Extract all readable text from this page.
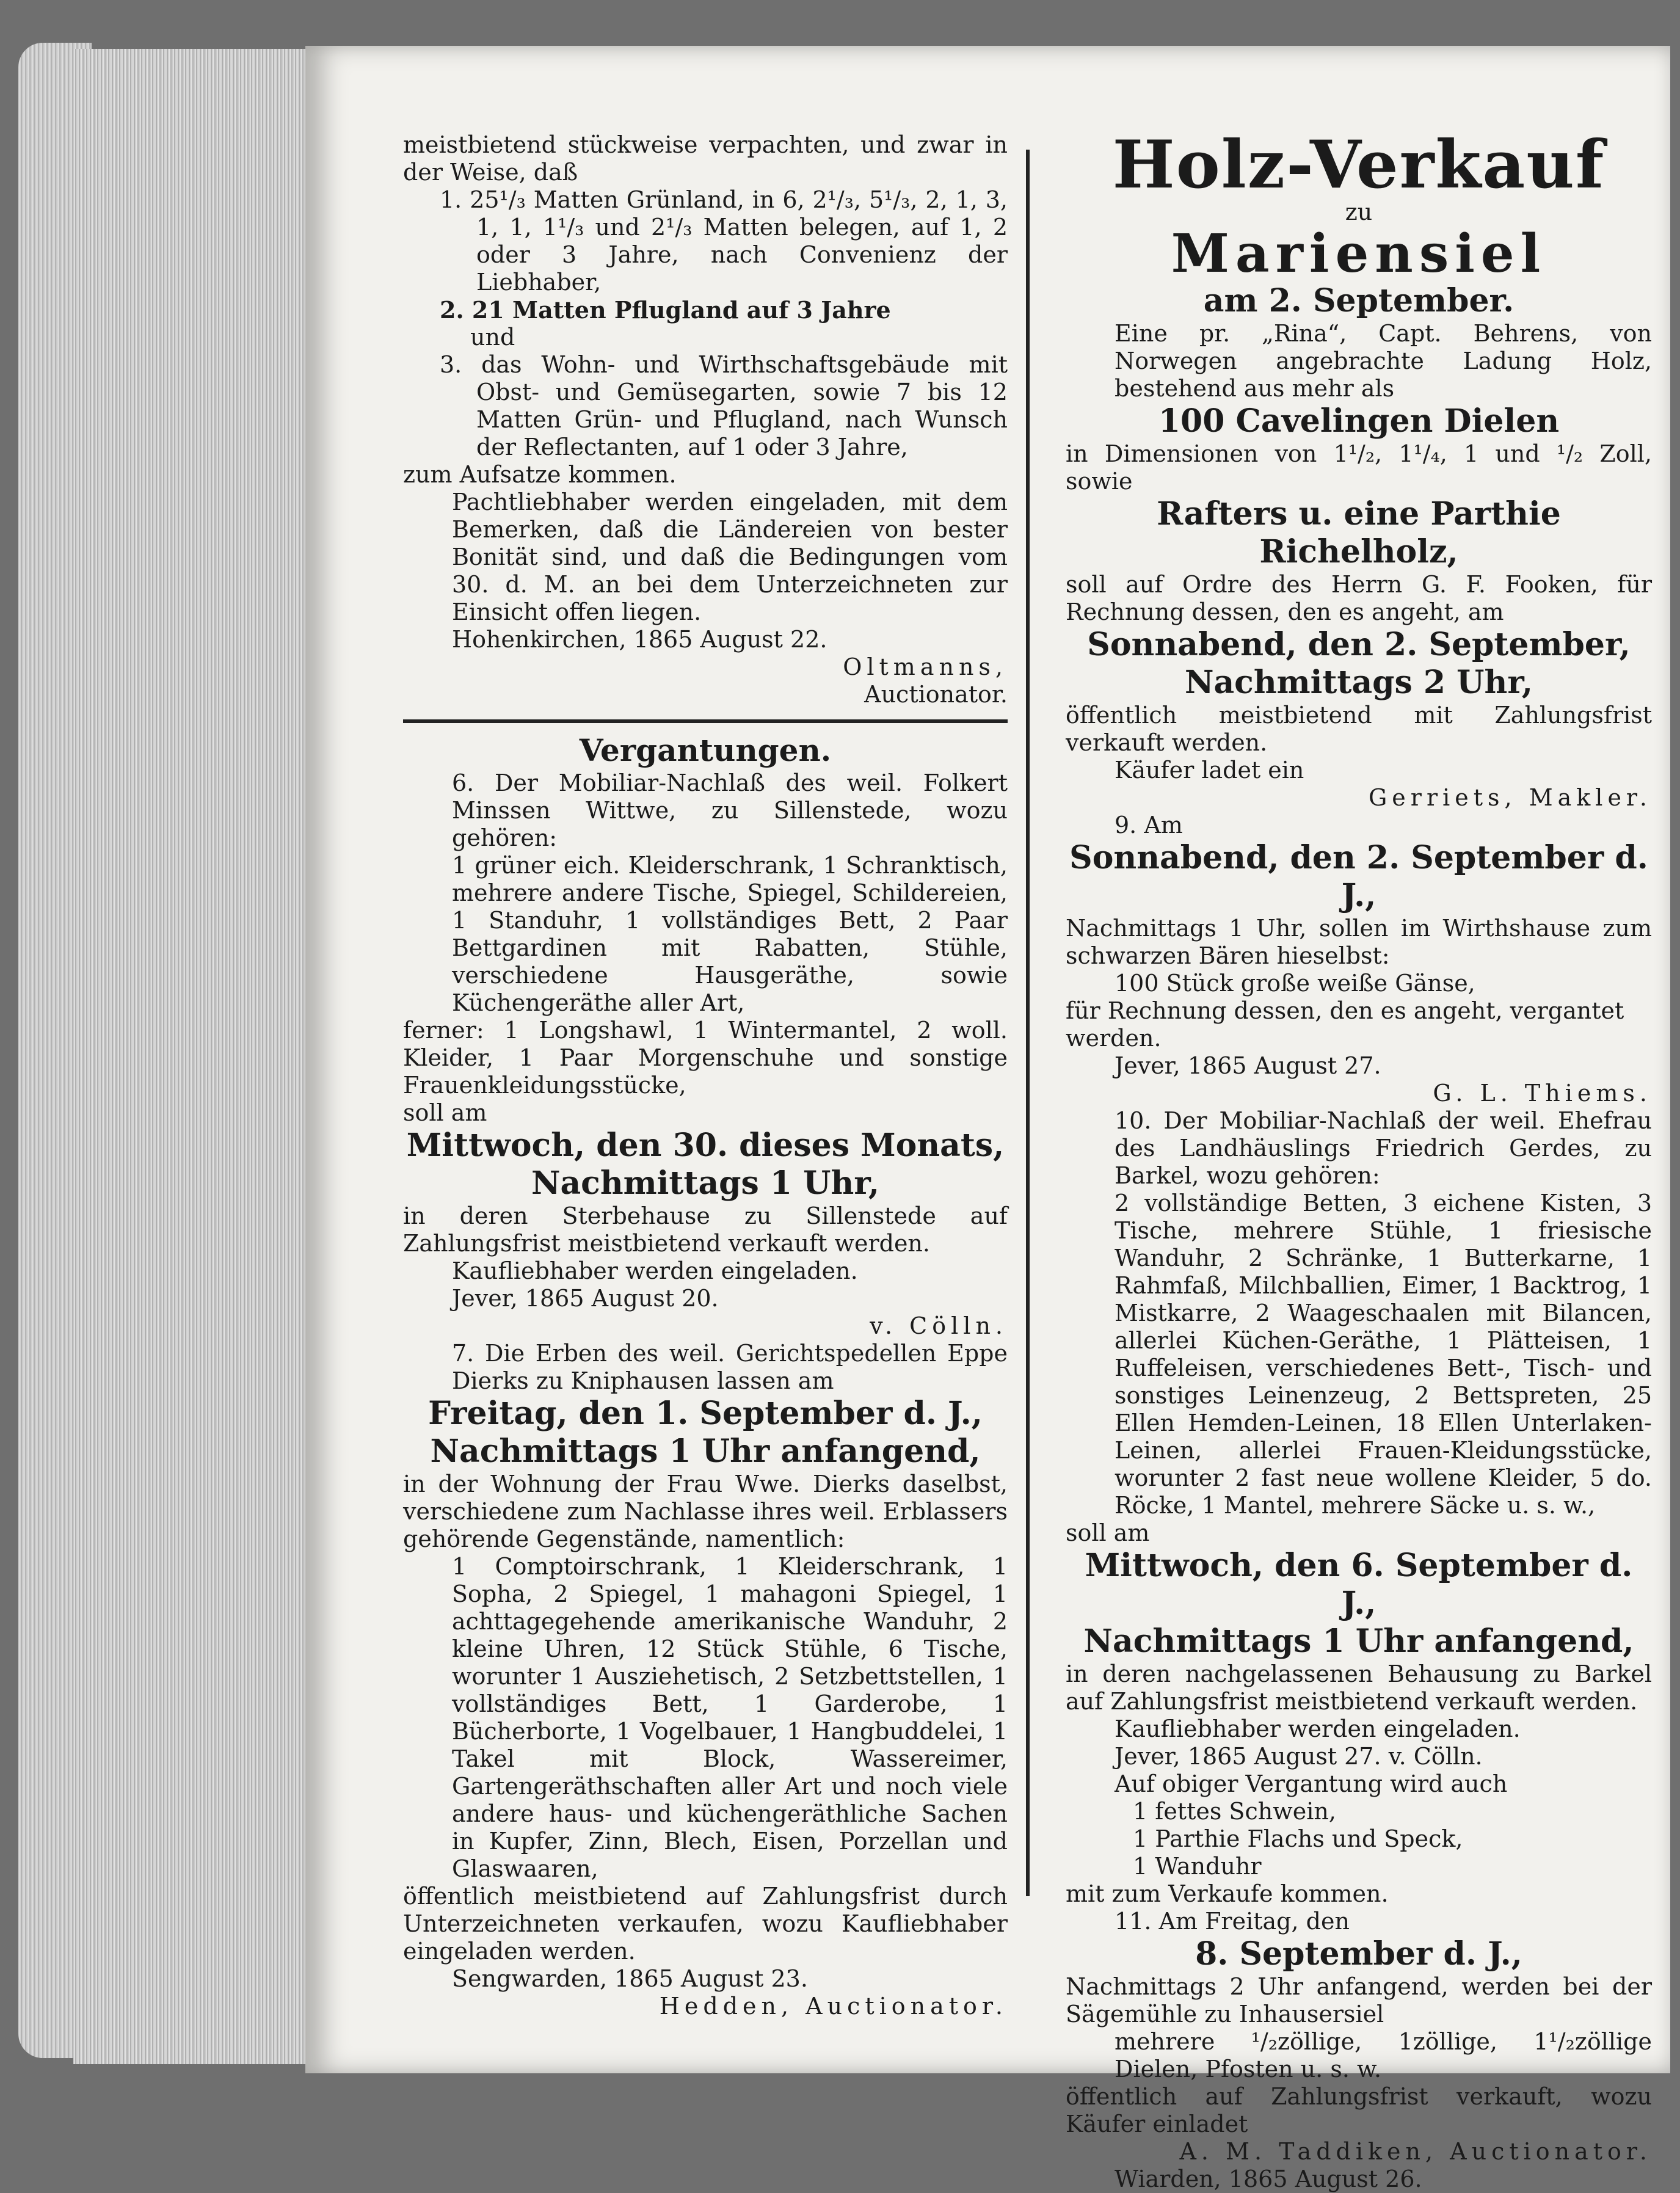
meistbietend stückweise verpachten, und zwar in der Weise, daß

1. 25¹/₃ Matten Grünland, in 6, 2¹/₃, 5¹/₃, 2, 1, 3, 1, 1, 1¹/₃ und 2¹/₃ Matten belegen, auf 1, 2 oder 3 Jahre, nach Convenienz der Liebhaber,

2. 21 Matten Pflugland auf 3 Jahre

und

3. das Wohn- und Wirthschaftsgebäude mit Obst- und Gemüsegarten, sowie 7 bis 12 Matten Grün- und Pflugland, nach Wunsch der Reflectanten, auf 1 oder 3 Jahre,

zum Aufsatze kommen.

Pachtliebhaber werden eingeladen, mit dem Bemerken, daß die Ländereien von bester Bonität sind, und daß die Bedingungen vom 30. d. M. an bei dem Unterzeichneten zur Einsicht offen liegen.

Hohenkirchen, 1865 August 22.

Oltmanns,

Auctionator.

Vergantungen.

6. Der Mobiliar-Nachlaß des weil. Folkert Minssen Wittwe, zu Sillenstede, wozu gehören:

1 grüner eich. Kleiderschrank, 1 Schranktisch, mehrere andere Tische, Spiegel, Schildereien, 1 Standuhr, 1 vollständiges Bett, 2 Paar Bettgardinen mit Rabatten, Stühle, verschiedene Hausgeräthe, sowie Küchengeräthe aller Art,

ferner: 1 Longshawl, 1 Wintermantel, 2 woll. Kleider, 1 Paar Morgenschuhe und sonstige Frauenkleidungsstücke,

soll am

Mittwoch, den 30. dieses Monats,

Nachmittags 1 Uhr,

in deren Sterbehause zu Sillenstede auf Zahlungsfrist meistbietend verkauft werden.

Kaufliebhaber werden eingeladen.

Jever, 1865 August 20.

v. Cölln.

7. Die Erben des weil. Gerichtspedellen Eppe Dierks zu Kniphausen lassen am

Freitag, den 1. September d. J.,

Nachmittags 1 Uhr anfangend,

in der Wohnung der Frau Wwe. Dierks daselbst, verschiedene zum Nachlasse ihres weil. Erblassers gehörende Gegenstände, namentlich:

1 Comptoirschrank, 1 Kleiderschrank, 1 Sopha, 2 Spiegel, 1 mahagoni Spiegel, 1 achttagegehende amerikanische Wanduhr, 2 kleine Uhren, 12 Stück Stühle, 6 Tische, worunter 1 Ausziehetisch, 2 Setzbettstellen, 1 vollständiges Bett, 1 Garderobe, 1 Bücherborte, 1 Vogelbauer, 1 Hangbuddelei, 1 Takel mit Block, Wassereimer, Gartengeräthschaften aller Art und noch viele andere haus- und küchengeräthliche Sachen in Kupfer, Zinn, Blech, Eisen, Porzellan und Glaswaaren,

öffentlich meistbietend auf Zahlungsfrist durch Unterzeichneten verkaufen, wozu Kaufliebhaber eingeladen werden.

Sengwarden, 1865 August 23.

Hedden, Auctionator.

Holz-Verkauf

zu

Mariensiel

am 2. September.

Eine pr. „Rina“, Capt. Behrens, von Norwegen angebrachte Ladung Holz, bestehend aus mehr als

100 Cavelingen Dielen

in Dimensionen von 1¹/₂, 1¹/₄, 1 und ¹/₂ Zoll, sowie

Rafters u. eine Parthie Richelholz,

soll auf Ordre des Herrn G. F. Fooken, für Rechnung dessen, den es angeht, am

Sonnabend, den 2. September,

Nachmittags 2 Uhr,

öffentlich meistbietend mit Zahlungsfrist verkauft werden.

Käufer ladet ein

Gerriets, Makler.

9. Am

Sonnabend, den 2. September d. J.,

Nachmittags 1 Uhr, sollen im Wirthshause zum schwarzen Bären hieselbst:

100 Stück große weiße Gänse,

für Rechnung dessen, den es angeht, vergantet werden.

Jever, 1865 August 27.

G. L. Thiems.

10. Der Mobiliar-Nachlaß der weil. Ehefrau des Landhäuslings Friedrich Gerdes, zu Barkel, wozu gehören:

2 vollständige Betten, 3 eichene Kisten, 3 Tische, mehrere Stühle, 1 friesische Wanduhr, 2 Schränke, 1 Butterkarne, 1 Rahmfaß, Milchballien, Eimer, 1 Backtrog, 1 Mistkarre, 2 Waageschaalen mit Bilancen, allerlei Küchen-Geräthe, 1 Plätteisen, 1 Ruffeleisen, verschiedenes Bett-, Tisch- und sonstiges Leinenzeug, 2 Bettspreten, 25 Ellen Hemden-Leinen, 18 Ellen Unterlaken-Leinen, allerlei Frauen-Kleidungsstücke, worunter 2 fast neue wollene Kleider, 5 do. Röcke, 1 Mantel, mehrere Säcke u. s. w.,

soll am

Mittwoch, den 6. September d. J.,

Nachmittags 1 Uhr anfangend,

in deren nachgelassenen Behausung zu Barkel auf Zahlungsfrist meistbietend verkauft werden.

Kaufliebhaber werden eingeladen.

Jever, 1865 August 27. v. Cölln.

Auf obiger Vergantung wird auch

1 fettes Schwein,

1 Parthie Flachs und Speck,

1 Wanduhr

mit zum Verkaufe kommen.

11. Am Freitag, den

8. September d. J.,

Nachmittags 2 Uhr anfangend, werden bei der Sägemühle zu Inhausersiel

mehrere ¹/₂zöllige, 1zöllige, 1¹/₂zöllige Dielen, Pfosten u. s. w.

öffentlich auf Zahlungsfrist verkauft, wozu Käufer einladet

A. M. Taddiken, Auctionator.

Wiarden, 1865 August 26.
